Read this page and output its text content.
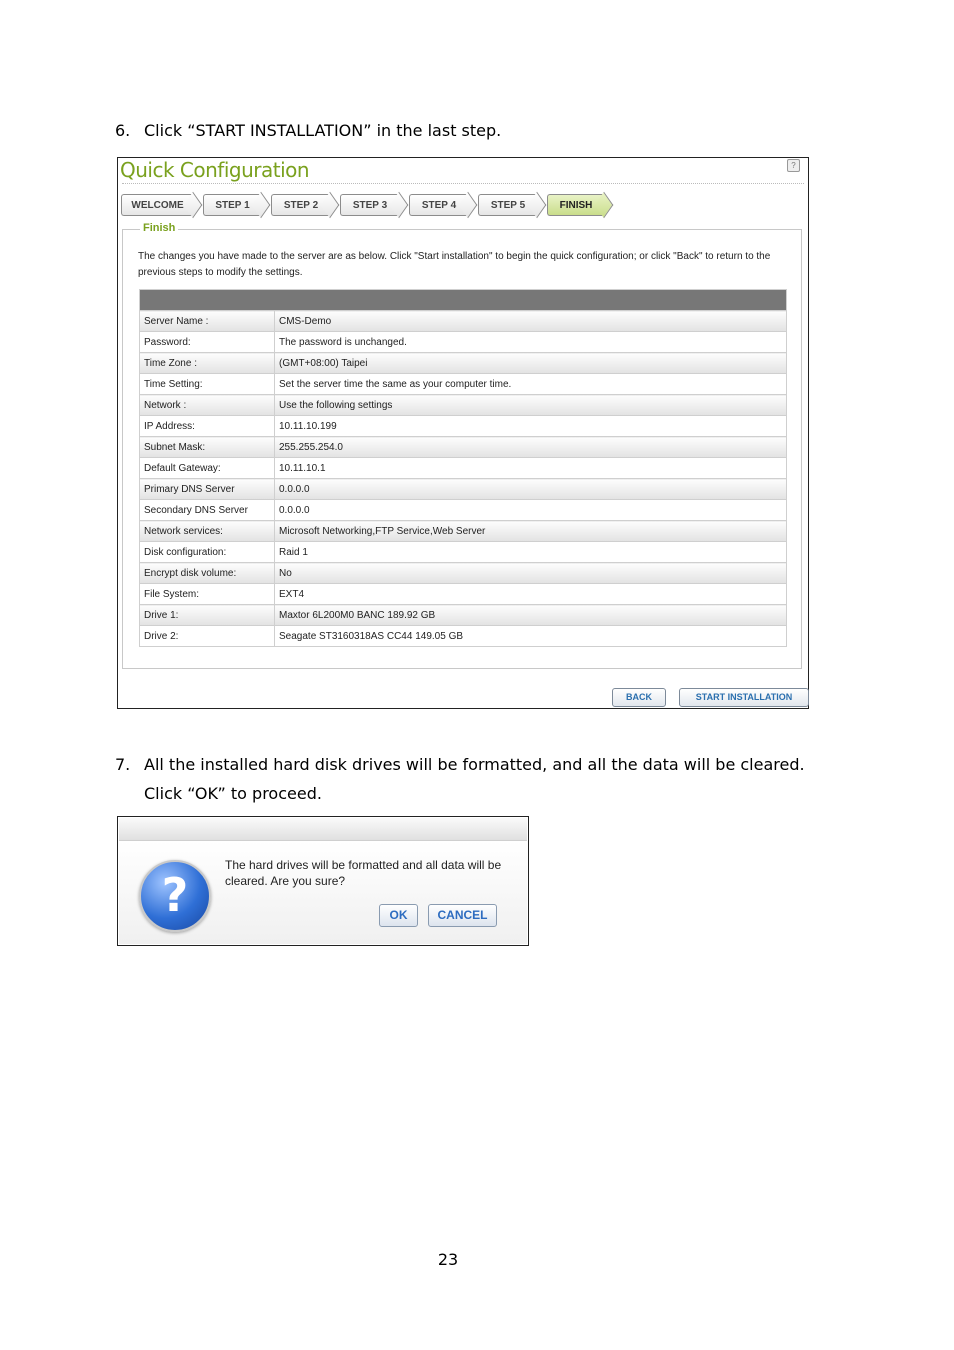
6. Click “START INSTALLATION” in the last step.
Quick Configuration	?
WELCOME	STEP 1	STEP 2	STEP 3	STEP 4	STEP 5	FINISH
Finish
The changes you have made to the server are as below. Click "Start installation" to begin the quick configuration; or click "Back" to return to the previous steps to modify the settings.

Server Name :	CMS-Demo
Password:	The password is unchanged.
Time Zone :	(GMT+08:00) Taipei
Time Setting:	Set the server time the same as your computer time.
Network :	Use the following settings
IP Address:	10.11.10.199
Subnet Mask:	255.255.254.0
Default Gateway:	10.11.10.1
Primary DNS Server	0.0.0.0
Secondary DNS Server	0.0.0.0
Network services:	Microsoft Networking,FTP Service,Web Server
Disk configuration:	Raid 1
Encrypt disk volume:	No
File System:	EXT4
Drive 1:	Maxtor 6L200M0 BANC 189.92 GB
Drive 2:	Seagate ST3160318AS CC44 149.05 GB
BACK	START INSTALLATION
7. All the installed hard disk drives will be formatted, and all the data will be cleared.
Click “OK” to proceed.
?
The hard drives will be formatted and all data will be cleared. Are you sure?
OK	CANCEL
23
